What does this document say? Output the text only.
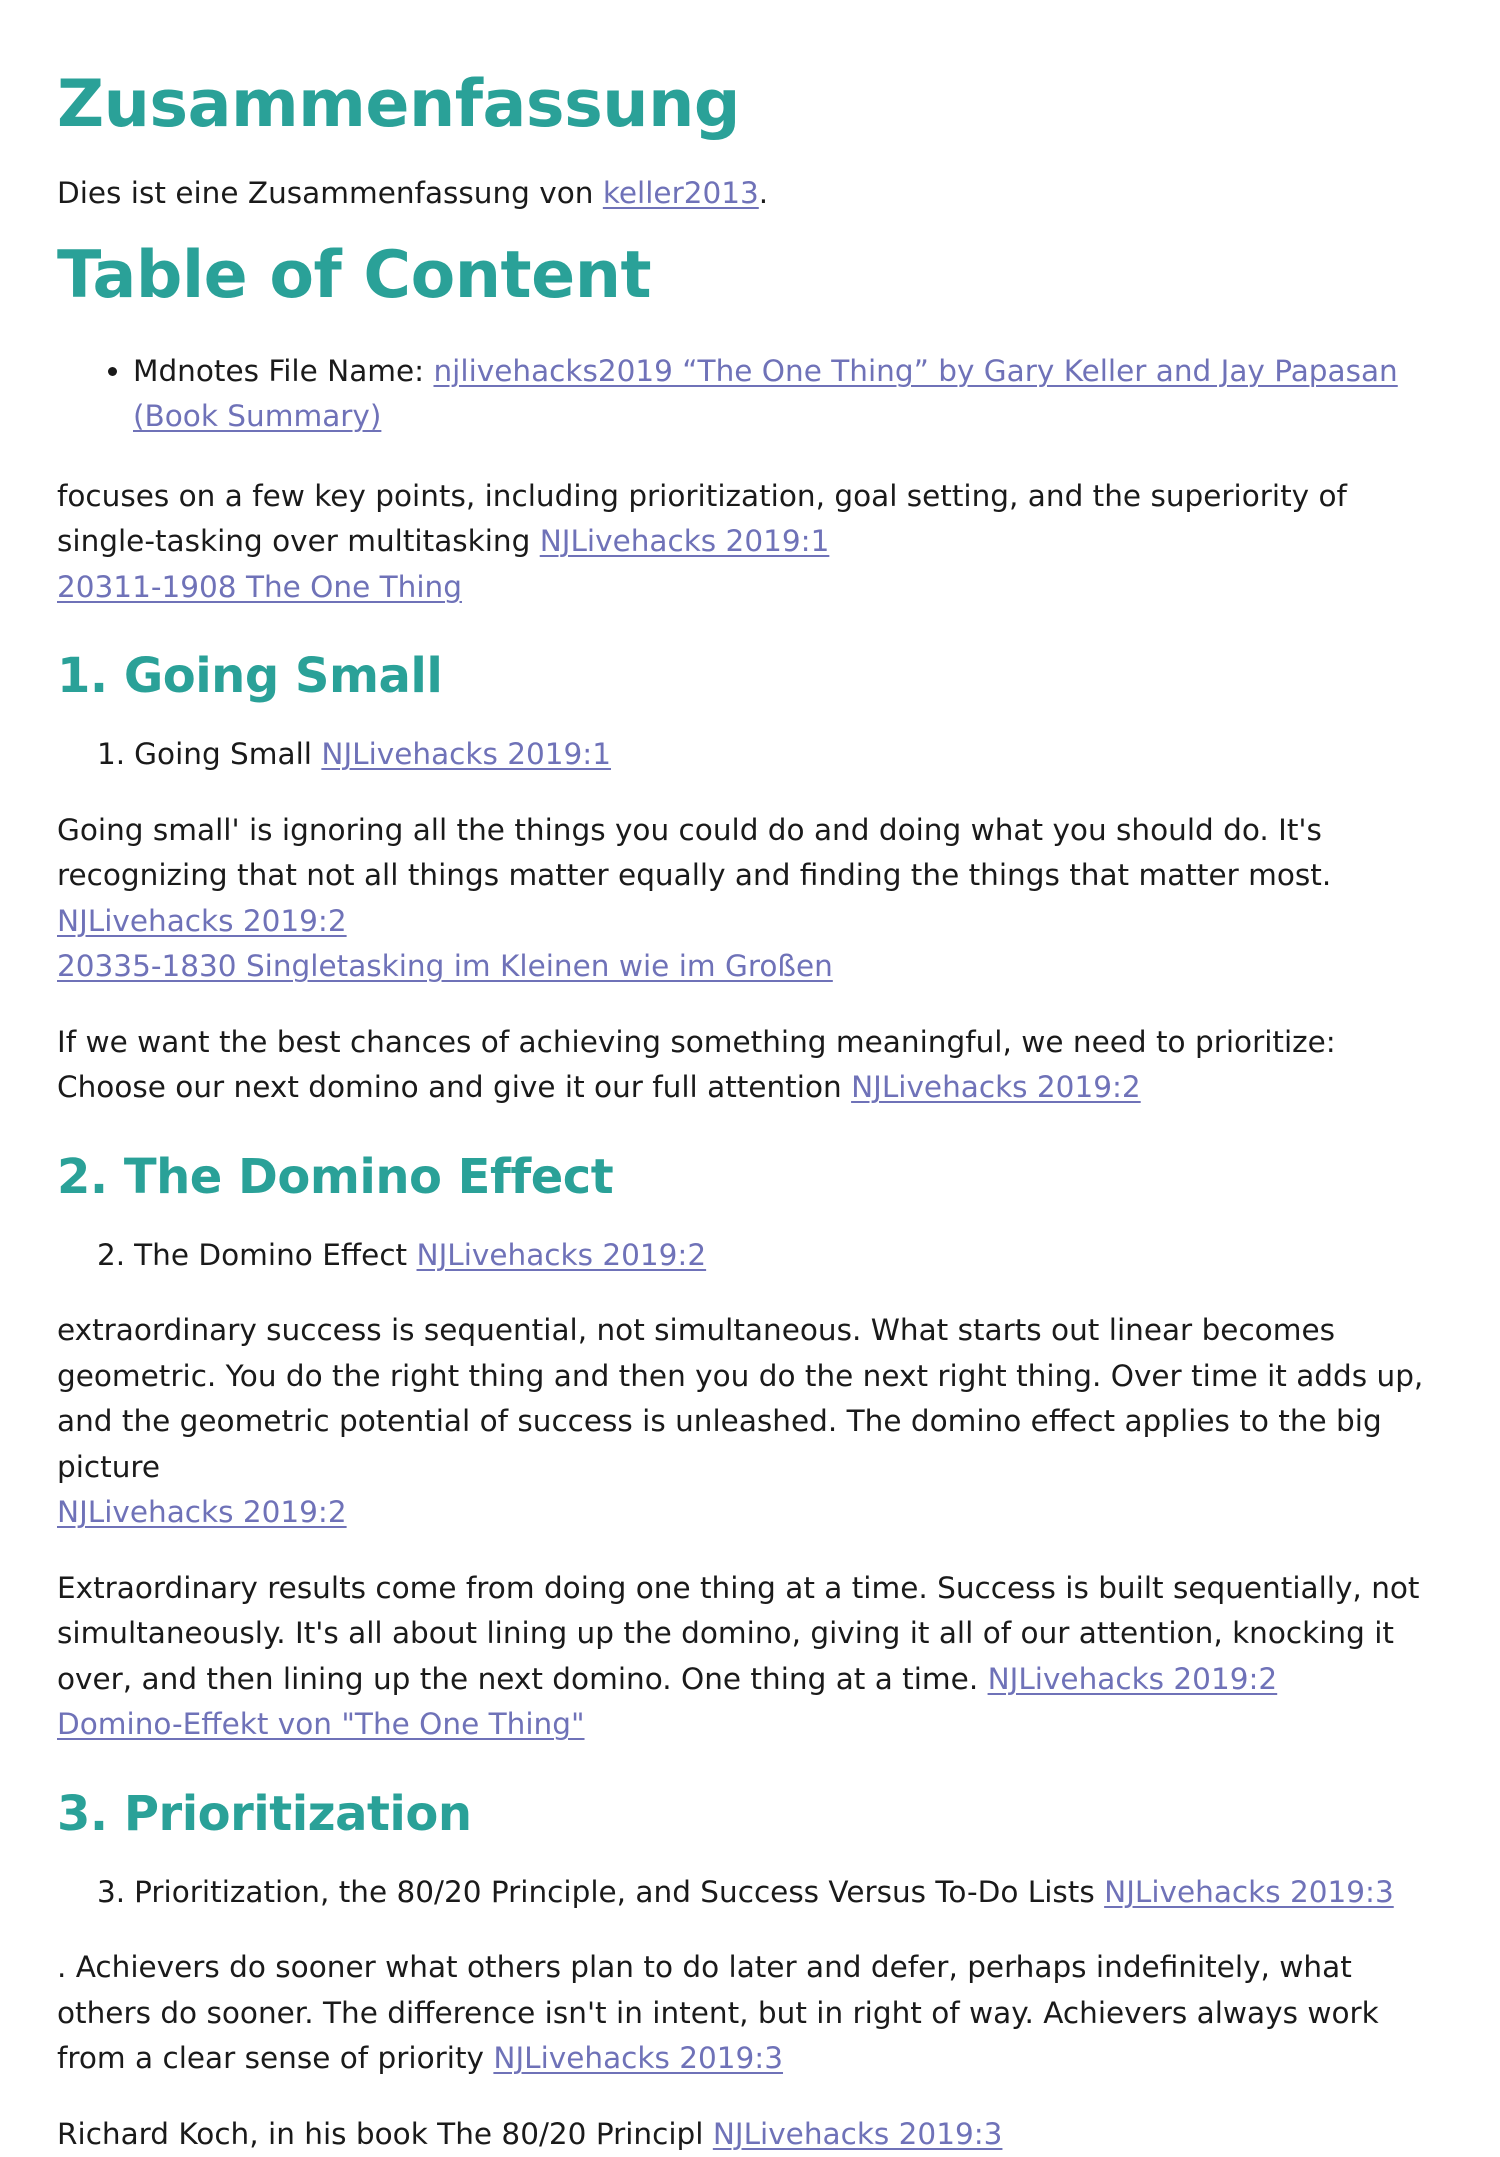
Zusammenfassung

Dies ist eine Zusammenfassung von keller2013.

Table of Content
• Mdnotes File Name: njlivehacks2019 “The One Thing” by Gary Keller and Jay Papasan (Book Summary)

focuses on a few key points, including prioritization, goal setting, and the superiority of single-tasking over multitasking NJLivehacks 2019:1
20311-1908 The One Thing

1. Going Small
1. Going Small NJLivehacks 2019:1

Going small' is ignoring all the things you could do and doing what you should do. It's recognizing that not all things matter equally and finding the things that matter most. NJLivehacks 2019:2
20335-1830 Singletasking im Kleinen wie im Großen

If we want the best chances of achieving something meaningful, we need to prioritize: Choose our next domino and give it our full attention NJLivehacks 2019:2

2. The Domino Effect
2. The Domino Effect NJLivehacks 2019:2

extraordinary success is sequential, not simultaneous. What starts out linear becomes geometric. You do the right thing and then you do the next right thing. Over time it adds up, and the geometric potential of success is unleashed. The domino effect applies to the big picture
NJLivehacks 2019:2

Extraordinary results come from doing one thing at a time. Success is built sequentially, not simultaneously. It's all about lining up the domino, giving it all of our attention, knocking it over, and then lining up the next domino. One thing at a time. NJLivehacks 2019:2
Domino-Effekt von "The One Thing"

3. Prioritization
3. Prioritization, the 80/20 Principle, and Success Versus To-Do Lists NJLivehacks 2019:3

. Achievers do sooner what others plan to do later and defer, perhaps indefinitely, what others do sooner. The difference isn't in intent, but in right of way. Achievers always work from a clear sense of priority NJLivehacks 2019:3

Richard Koch, in his book The 80/20 Principl NJLivehacks 2019:3
